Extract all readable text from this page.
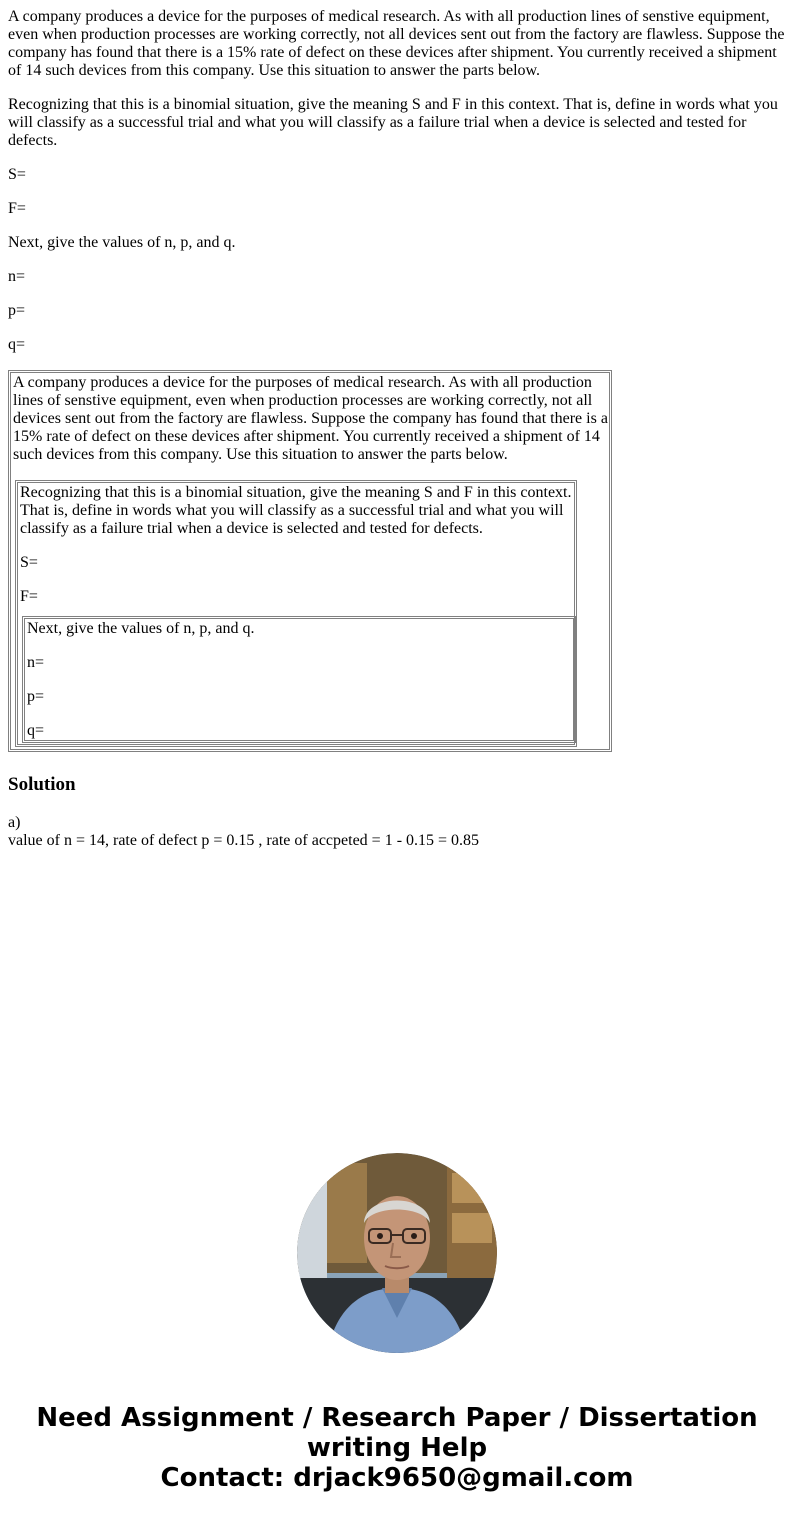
A company produces a device for the purposes of medical research. As with all production lines of senstive equipment, even when production processes are working correctly, not all devices sent out from the factory are flawless. Suppose the company has found that there is a 15% rate of defect on these devices after shipment. You currently received a shipment of 14 such devices from this company. Use this situation to answer the parts below.

Recognizing that this is a binomial situation, give the meaning S and F in this context. That is, define in words what you will classify as a successful trial and what you will classify as a failure trial when a device is selected and tested for defects.

S=

F=

Next, give the values of n, p, and q.

n=

p=

q=

A company produces a device for the purposes of medical research. As with all production lines of senstive equipment, even when production processes are working correctly, not all devices sent out from the factory are flawless. Suppose the company has found that there is a 15% rate of defect on these devices after shipment. You currently received a shipment of 14 such devices from this company. Use this situation to answer the parts below.

Recognizing that this is a binomial situation, give the meaning S and F in this context. That is, define in words what you will classify as a successful trial and what you will classify as a failure trial when a device is selected and tested for defects.

S=

F=

Next, give the values of n, p, and q.

n=

p=

q=

Solution
a)
value of n = 14, rate of defect p = 0.15 , rate of accpeted = 1 - 0.15 = 0.85
Need Assignment / Research Paper / Dissertation
writing Help
Contact: drjack9650@gmail.com
